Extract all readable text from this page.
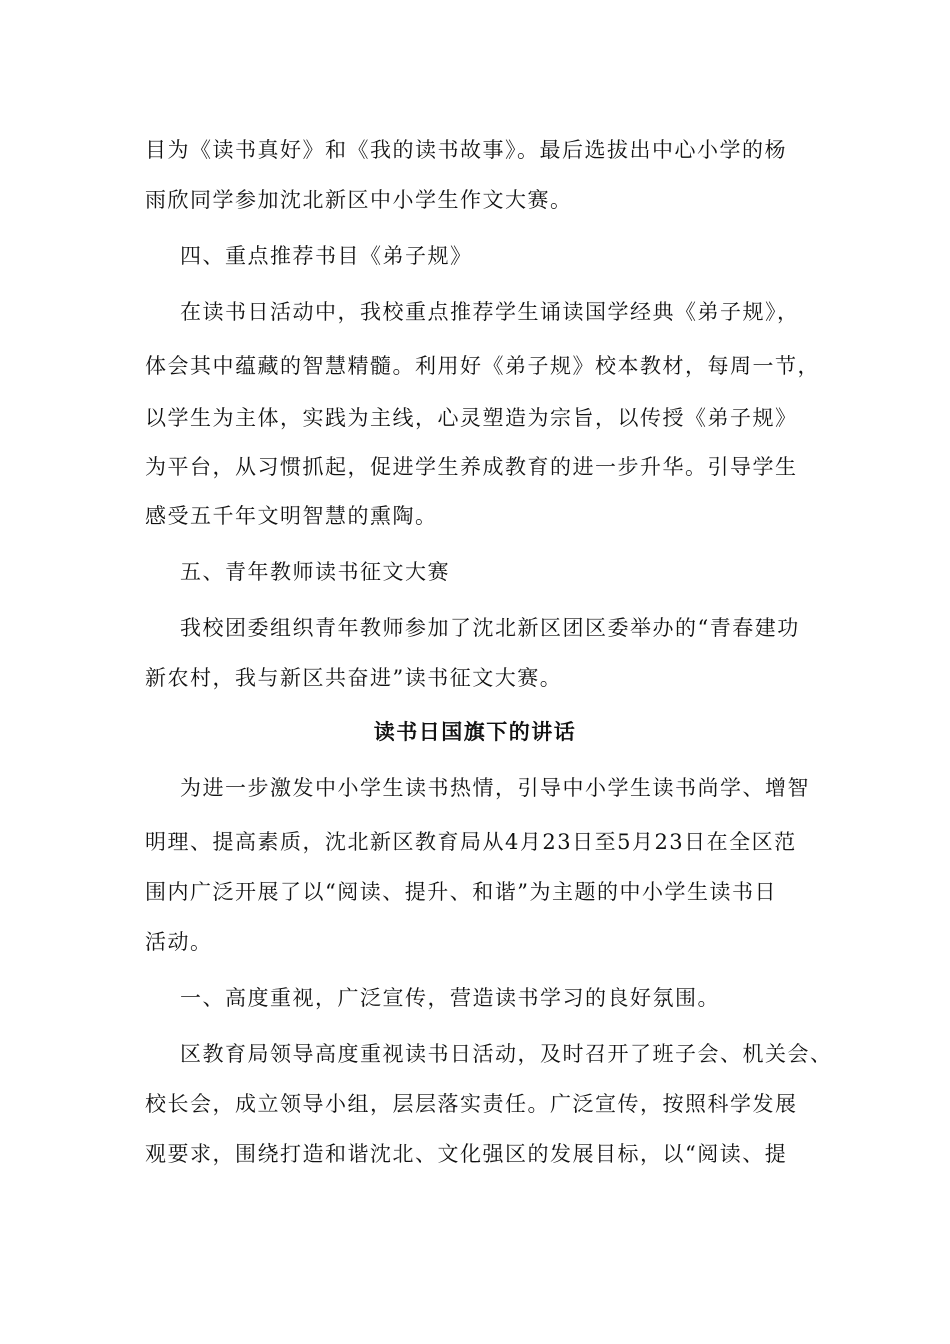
目为《读书真好》和《我的读书故事》。最后选拔出中心小学的杨
雨欣同学参加沈北新区中小学生作文大赛。
四、重点推荐书目《弟子规》
在读书日活动中，我校重点推荐学生诵读国学经典《弟子规》，
体会其中蕴藏的智慧精髓。利用好《弟子规》校本教材，每周一节，
以学生为主体，实践为主线，心灵塑造为宗旨，以传授《弟子规》
为平台，从习惯抓起，促进学生养成教育的进一步升华。引导学生
感受五千年文明智慧的熏陶。
五、青年教师读书征文大赛
我校团委组织青年教师参加了沈北新区团区委举办的“青春建功
新农村，我与新区共奋进”读书征文大赛。
读书日国旗下的讲话
为进一步激发中小学生读书热情，引导中小学生读书尚学、增智
明理、提高素质，沈北新区教育局从4月23日至5月23日在全区范
围内广泛开展了以“阅读、提升、和谐”为主题的中小学生读书日
活动。
一、高度重视，广泛宣传，营造读书学习的良好氛围。
区教育局领导高度重视读书日活动，及时召开了班子会、机关会、
校长会，成立领导小组，层层落实责任。广泛宣传，按照科学发展
观要求，围绕打造和谐沈北、文化强区的发展目标，以“阅读、提
